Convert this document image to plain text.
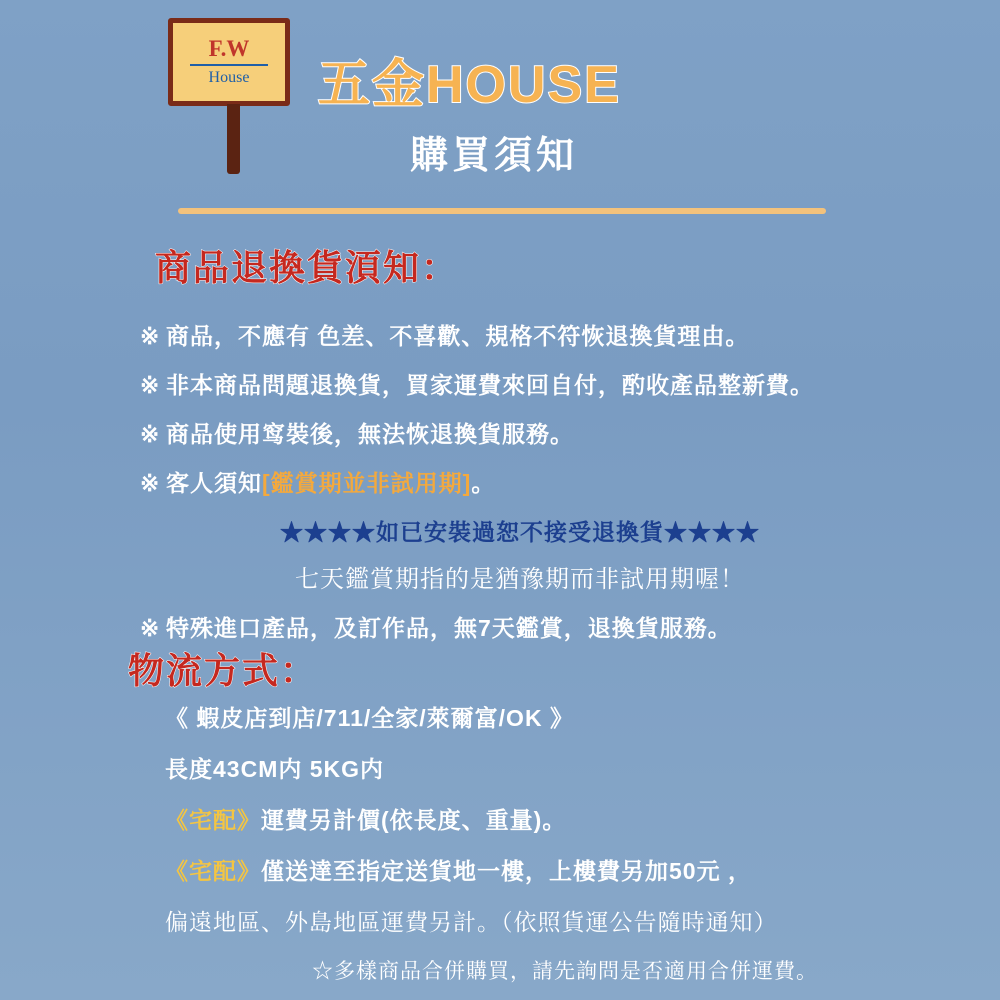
F.W
House 五金HOUSE
購買須知
商品退換貨湏知：
※ 商品，不應有 色差、不喜歡、規格不符恢退換貨理由。
※ 非本商品問題退換貨，買家運費來回自付，酌收產品整新費。
※ 商品使用窎裝後，無法恢退換貨服務。
※ 客人須知[鑑賞期並非試用期]。
★★★★如已安裝過恕不接受退換貨★★★★
七天鑑賞期指的是猶豫期而非試用期喔！
※ 特殊進口產品，及訂作品，無7天鑑賞，退換貨服務。
物流方式：
《 蝦皮店到店/711/全家/萊爾富/OK 》
長度43CM内 5KG内
《宅配》運費另計價(依長度、重量)。
《宅配》僅送達至指定送貨地一樓，上樓費另加50元 ，
偏遠地區、外島地區運費另計。（依照貨運公告隨時通知）
☆多樣商品合併購買，請先詢問是否適用合併運費。
